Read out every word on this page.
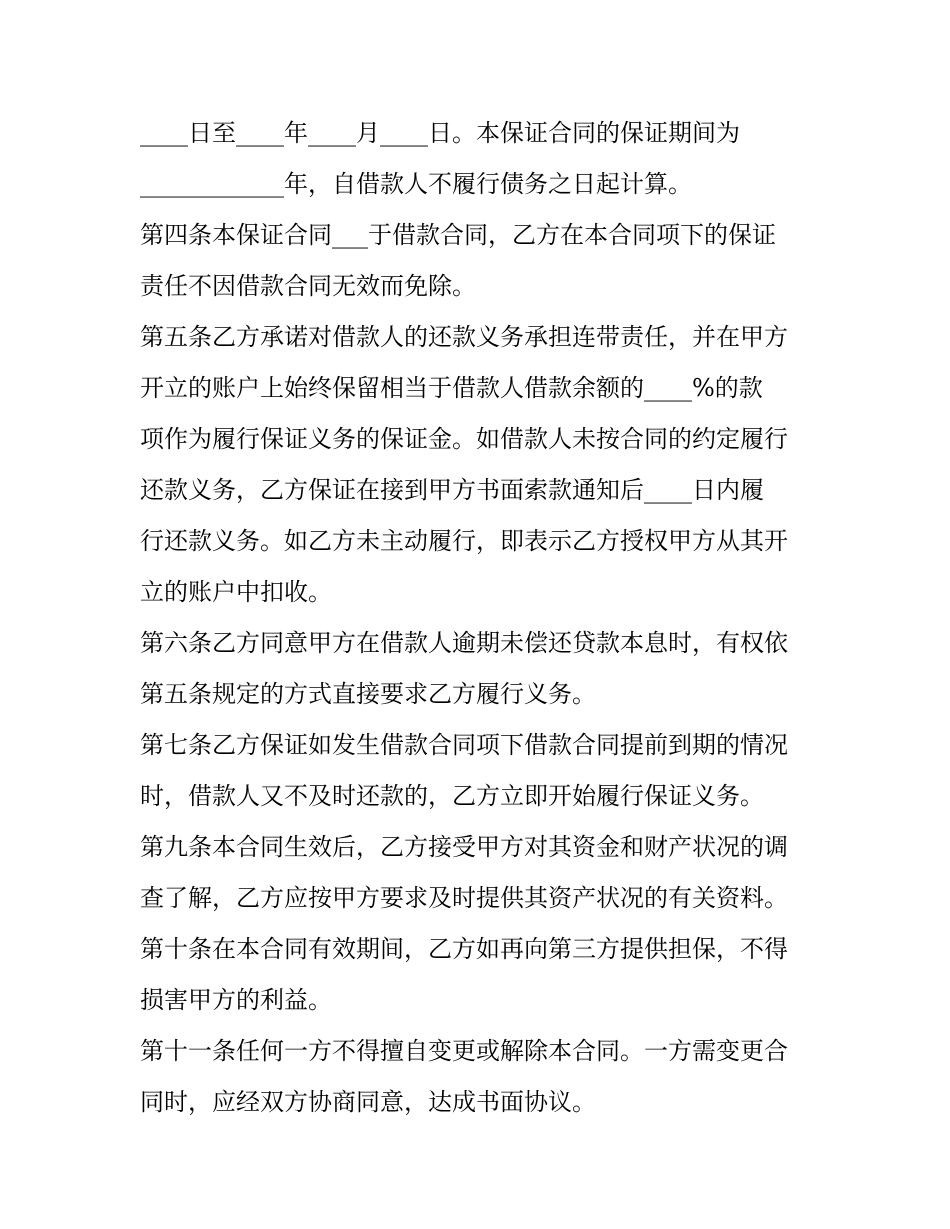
____日至____年____月____日。本保证合同的保证期间为
____________年，自借款人不履行债务之日起计算。
第四条本保证合同___于借款合同，乙方在本合同项下的保证
责任不因借款合同无效而免除。
第五条乙方承诺对借款人的还款义务承担连带责任，并在甲方
开立的账户上始终保留相当于借款人借款余额的____%的款
项作为履行保证义务的保证金。如借款人未按合同的约定履行
还款义务，乙方保证在接到甲方书面索款通知后____日内履
行还款义务。如乙方未主动履行，即表示乙方授权甲方从其开
立的账户中扣收。
第六条乙方同意甲方在借款人逾期未偿还贷款本息时，有权依
第五条规定的方式直接要求乙方履行义务。
第七条乙方保证如发生借款合同项下借款合同提前到期的情况
时，借款人又不及时还款的，乙方立即开始履行保证义务。
第九条本合同生效后，乙方接受甲方对其资金和财产状况的调
查了解，乙方应按甲方要求及时提供其资产状况的有关资料。
第十条在本合同有效期间，乙方如再向第三方提供担保，不得
损害甲方的利益。
第十一条任何一方不得擅自变更或解除本合同。一方需变更合
同时，应经双方协商同意，达成书面协议。
